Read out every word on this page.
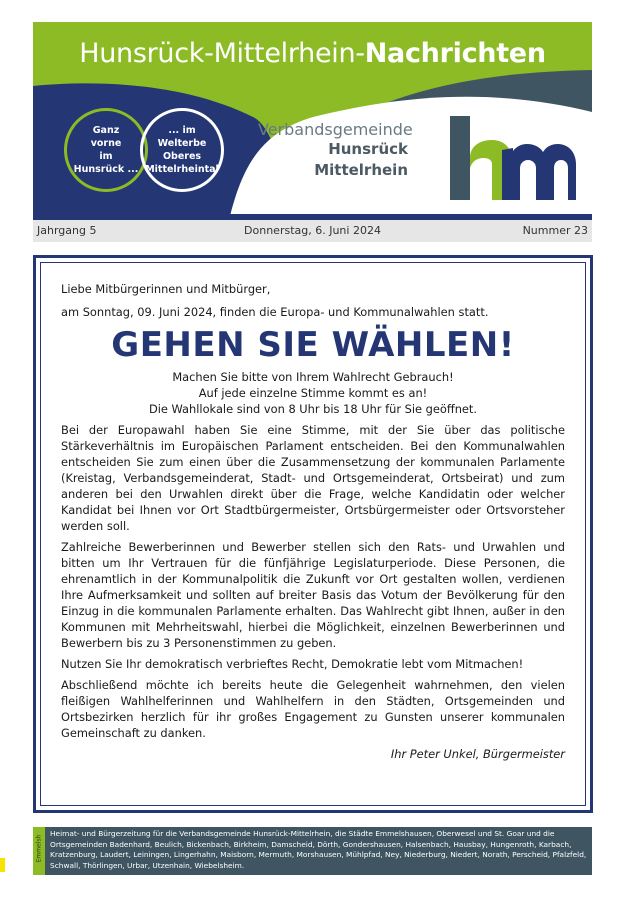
Hunsrück-Mittelrhein-Nachrichten
Ganz
vorne
im
Hunsrück ...
... im
Welterbe
Oberes
Mittelrheintal
Verbandsgemeinde
Hunsrück
Mittelrhein
Jahrgang 5	Donnerstag, 6. Juni 2024	Nummer 23

Liebe Mitbürgerinnen und Mitbürger,

am Sonntag, 09. Juni 2024, finden die Europa- und Kommunalwahlen statt.

GEHEN SIE WÄHLEN!

Machen Sie bitte von Ihrem Wahlrecht Gebrauch!

Auf jede einzelne Stimme kommt es an!

Die Wahllokale sind von 8 Uhr bis 18 Uhr für Sie geöffnet.

Bei der Europawahl haben Sie eine Stimme, mit der Sie über das politische Stärkeverhältnis im Europäischen Parlament entscheiden. Bei den Kommunalwahlen entscheiden Sie zum einen über die Zusammensetzung der kommunalen Parlamente (Kreistag, Verbandsgemeinderat, Stadt- und Ortsgemeinderat, Ortsbeirat) und zum anderen bei den Urwahlen direkt über die Frage, welche Kandidatin oder welcher Kandidat bei Ihnen vor Ort Stadtbürgermeister, Ortsbürgermeister oder Ortsvorsteher werden soll.

Zahlreiche Bewerberinnen und Bewerber stellen sich den Rats- und Urwahlen und bitten um Ihr Vertrauen für die fünfjährige Legislaturperiode. Diese Personen, die ehrenamtlich in der Kommunalpolitik die Zukunft vor Ort gestalten wollen, verdienen Ihre Aufmerksamkeit und sollten auf breiter Basis das Votum der Bevölkerung für den Einzug in die kommunalen Parlamente erhalten. Das Wahlrecht gibt Ihnen, außer in den Kommunen mit Mehrheitswahl, hierbei die Möglichkeit, einzelnen Bewerberinnen und Bewerbern bis zu 3 Personenstimmen zu geben.

Nutzen Sie Ihr demokratisch verbrieftes Recht, Demokratie lebt vom Mitmachen!

Abschließend möchte ich bereits heute die Gelegenheit wahrnehmen, den vielen fleißigen Wahlhelferinnen und Wahlhelfern in den Städten, Ortsgemeinden und Ortsbezirken herzlich für ihr großes Engagement zu Gunsten unserer kommunalen Gemeinschaft zu danken.

Ihr Peter Unkel, Bürgermeister

Emmelsh
Heimat- und Bürgerzeitung für die Verbandsgemeinde Hunsrück-Mittelrhein, die Städte Emmelshausen, Oberwesel und St. Goar und die Ortsgemeinden Badenhard, Beulich, Bickenbach, Birkheim, Damscheid, Dörth, Gondershausen, Halsenbach, Hausbay, Hungenroth, Karbach, Kratzenburg, Laudert, Leiningen, Lingerhahn, Maisborn, Mermuth, Morshausen, Mühlpfad, Ney, Niederburg, Niedert, Norath, Perscheid, Pfalzfeld, Schwall, Thörlingen, Urbar, Utzenhain, Wiebelsheim.
